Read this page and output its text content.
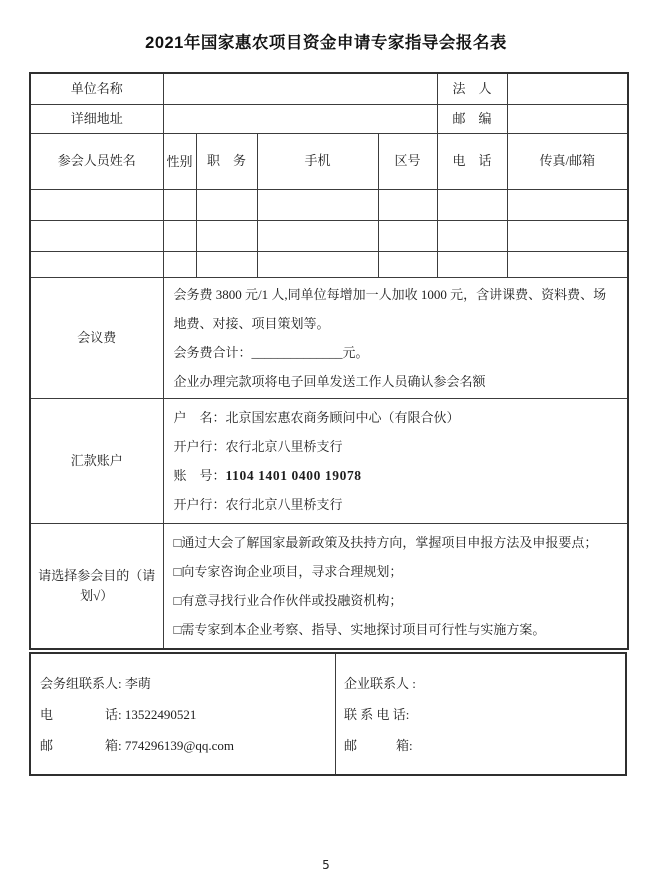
2021年国家惠农项目资金申请专家指导会报名表
单位名称					法　人	
详细地址					邮　编	
参会人员姓名	性别	职　务	手机	区号	电　话	传真/邮箱

会议费	会务费 3800 元/1 人,同单位每增加一人加收 1000 元，含讲课费、资料费、场地费、对接、项目策划等。

会务费合计：______________元。

企业办理完款项将电子回单发送工作人员确认参会名额					

汇款账户	户　名：北京国宏惠农商务顾问中心（有限合伙）

开户行：农行北京八里桥支行

账　号：1104 1401 0400 19078

开户行：农行北京八里桥支行					

请选择参会目的（请划√）	□通过大会了解国家最新政策及扶持方向，掌握项目申报方法及申报要点；

□向专家咨询企业项目，寻求合理规划；

□有意寻找行业合作伙伴或投融资机构；

□需专家到本企业考察、指导、实地探讨项目可行性与实施方案。					

会务组联系人: 李萌

电　　　　话: 13522490521

邮　　　　箱: 774296139@qq.com

企业联系人 :

联 系 电 话:

邮　　　箱:

5
